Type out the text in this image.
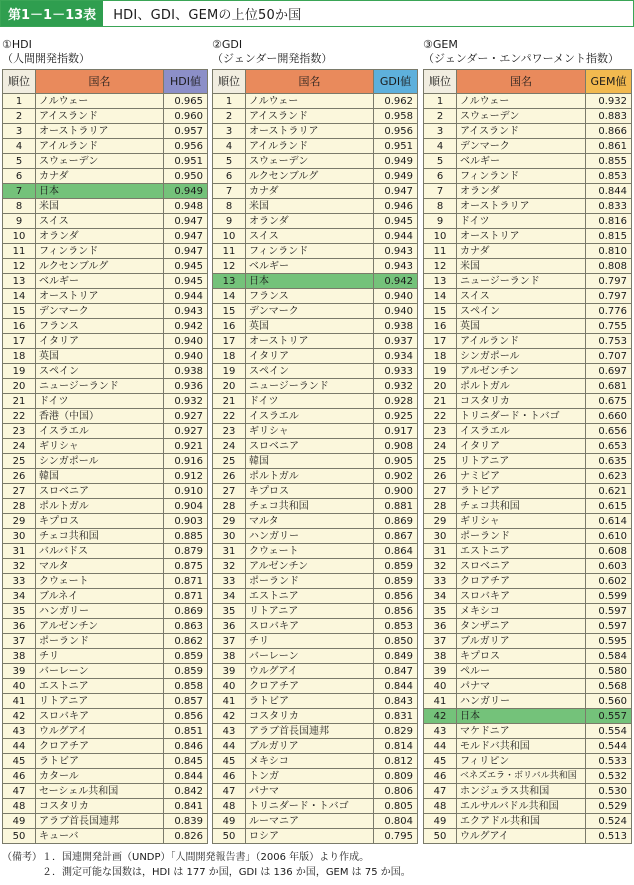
第1－1－13表	HDI、GDI、GEMの上位50か国
①HDI
（人間開発指数）
②GDI
（ジェンダー開発指数）
③GEM
（ジェンダー・エンパワーメント指数）
順位	国名	HDI値
1	ノルウェー	0.965
2	アイスランド	0.960
3	オーストラリア	0.957
4	アイルランド	0.956
5	スウェーデン	0.951
6	カナダ	0.950
7	日本	0.949
8	米国	0.948
9	スイス	0.947
10	オランダ	0.947
11	フィンランド	0.947
12	ルクセンブルグ	0.945
13	ベルギー	0.945
14	オーストリア	0.944
15	デンマーク	0.943
16	フランス	0.942
17	イタリア	0.940
18	英国	0.940
19	スペイン	0.938
20	ニュージーランド	0.936
21	ドイツ	0.932
22	香港（中国）	0.927
23	イスラエル	0.927
24	ギリシャ	0.921
25	シンガポール	0.916
26	韓国	0.912
27	スロベニア	0.910
28	ポルトガル	0.904
29	キプロス	0.903
30	チェコ共和国	0.885
31	バルバドス	0.879
32	マルタ	0.875
33	クウェート	0.871
34	ブルネイ	0.871
35	ハンガリー	0.869
36	アルゼンチン	0.863
37	ポーランド	0.862
38	チリ	0.859
39	バーレーン	0.859
40	エストニア	0.858
41	リトアニア	0.857
42	スロバキア	0.856
43	ウルグアイ	0.851
44	クロアチア	0.846
45	ラトビア	0.845
46	カタール	0.844
47	セーシェル共和国	0.842
48	コスタリカ	0.841
49	アラブ首長国連邦	0.839
50	キューバ	0.826
順位	国名	GDI値
1	ノルウェー	0.962
2	アイスランド	0.958
3	オーストラリア	0.956
4	アイルランド	0.951
5	スウェーデン	0.949
6	ルクセンブルグ	0.949
7	カナダ	0.947
8	米国	0.946
9	オランダ	0.945
10	スイス	0.944
11	フィンランド	0.943
12	ベルギー	0.943
13	日本	0.942
14	フランス	0.940
15	デンマーク	0.940
16	英国	0.938
17	オーストリア	0.937
18	イタリア	0.934
19	スペイン	0.933
20	ニュージーランド	0.932
21	ドイツ	0.928
22	イスラエル	0.925
23	ギリシャ	0.917
24	スロベニア	0.908
25	韓国	0.905
26	ポルトガル	0.902
27	キプロス	0.900
28	チェコ共和国	0.881
29	マルタ	0.869
30	ハンガリー	0.867
31	クウェート	0.864
32	アルゼンチン	0.859
33	ポーランド	0.859
34	エストニア	0.856
35	リトアニア	0.856
36	スロバキア	0.853
37	チリ	0.850
38	バーレーン	0.849
39	ウルグアイ	0.847
40	クロアチア	0.844
41	ラトビア	0.843
42	コスタリカ	0.831
43	アラブ首長国連邦	0.829
44	ブルガリア	0.814
45	メキシコ	0.812
46	トンガ	0.809
47	パナマ	0.806
48	トリニダード・トバゴ	0.805
49	ルーマニア	0.804
50	ロシア	0.795
順位	国名	GEM値
1	ノルウェー	0.932
2	スウェーデン	0.883
3	アイスランド	0.866
4	デンマーク	0.861
5	ベルギー	0.855
6	フィンランド	0.853
7	オランダ	0.844
8	オーストラリア	0.833
9	ドイツ	0.816
10	オーストリア	0.815
11	カナダ	0.810
12	米国	0.808
13	ニュージーランド	0.797
14	スイス	0.797
15	スペイン	0.776
16	英国	0.755
17	アイルランド	0.753
18	シンガポール	0.707
19	アルゼンチン	0.697
20	ポルトガル	0.681
21	コスタリカ	0.675
22	トリニダード・トバゴ	0.660
23	イスラエル	0.656
24	イタリア	0.653
25	リトアニア	0.635
26	ナミビア	0.623
27	ラトビア	0.621
28	チェコ共和国	0.615
29	ギリシャ	0.614
30	ポーランド	0.610
31	エストニア	0.608
32	スロベニア	0.603
33	クロアチア	0.602
34	スロバキア	0.599
35	メキシコ	0.597
36	タンザニア	0.597
37	ブルガリア	0.595
38	キプロス	0.584
39	ペルー	0.580
40	パナマ	0.568
41	ハンガリー	0.560
42	日本	0.557
43	マケドニア	0.554
44	モルドバ共和国	0.544
45	フィリピン	0.533
46	ベネズエラ・ボリバル共和国	0.532
47	ホンジュラス共和国	0.530
48	エルサルバドル共和国	0.529
49	エクアドル共和国	0.524
50	ウルグアイ	0.513
（備考）１．国連開発計画（UNDP）「人間開発報告書」（2006 年版）より作成。
　　　　２．測定可能な国数は，HDI は 177 か国，GDI は 136 か国，GEM は 75 か国。
